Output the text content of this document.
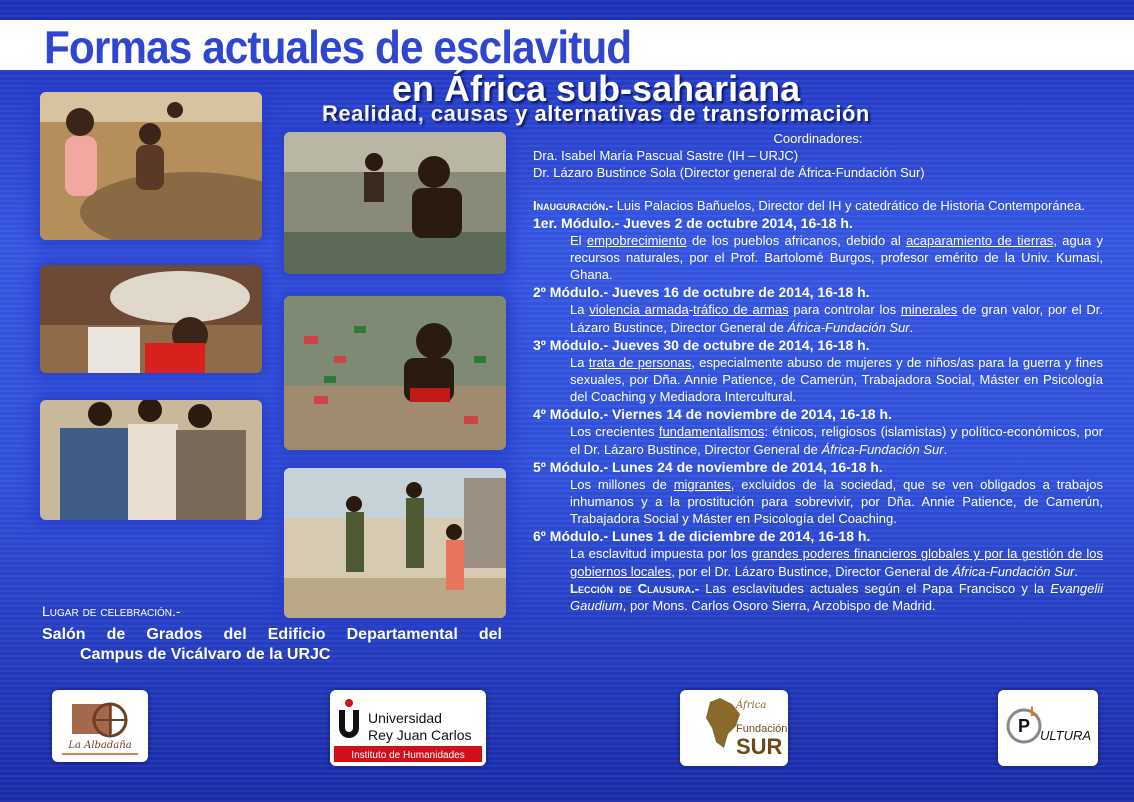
Formas actuales de esclavitud
en África sub-sahariana
Realidad, causas y alternativas de transformación

Coordinadores:

Dra. Isabel María Pascual Sastre (IH – URJC)

Dr. Lázaro Bustince Sola (Director general de África-Fundación Sur)

Inauguración.- Luis Palacios Bañuelos, Director del IH y catedrático de Historia Contemporánea.

1er. Módulo.- Jueves 2 de octubre 2014, 16-18 h.

El empobrecimiento de los pueblos africanos, debido al acaparamiento de tierras, agua y recursos naturales, por el Prof. Bartolomé Burgos, profesor emérito de la Univ. Kumasi, Ghana.

2º Módulo.- Jueves 16 de octubre de 2014, 16-18 h.

La violencia armada-tráfico de armas para controlar los minerales de gran valor, por el Dr. Lázaro Bustince, Director General de África-Fundación Sur.

3º Módulo.- Jueves 30 de octubre de 2014, 16-18 h.

La trata de personas, especialmente abuso de mujeres y de niños/as para la guerra y fines sexuales, por Dña. Annie Patience, de Camerún, Trabajadora Social, Máster en Psicología del Coaching y Mediadora Intercultural.

4º Módulo.- Viernes 14 de noviembre de 2014, 16-18 h.

Los crecientes fundamentalismos: étnicos, religiosos (islamistas) y político-económicos, por el Dr. Lázaro Bustince, Director General de África-Fundación Sur.

5º Módulo.- Lunes 24 de noviembre de 2014, 16-18 h.

Los millones de migrantes, excluidos de la sociedad, que se ven obligados a trabajos inhumanos y a la prostitución para sobrevivir, por Dña. Annie Patience, de Camerún, Trabajadora Social y Máster en Psicología del Coaching.

6º Módulo.- Lunes 1 de diciembre de 2014, 16-18 h.

La esclavitud impuesta por los grandes poderes financieros globales y por la gestión de los gobiernos locales, por el Dr. Lázaro Bustince, Director General de África-Fundación Sur.

Lección de Clausura.- Las esclavitudes actuales según el Papa Francisco y la Evangelii Gaudium, por Mons. Carlos Osoro Sierra, Arzobispo de Madrid.

Lugar de celebración.-
Salón de Grados del Edificio Departamental del
Campus de Vicálvaro de la URJC
La Albadaña
Universidad
Rey Juan Carlos
Instituto de Humanidades
África
Fundación
SUR
P
L
ULTURA
